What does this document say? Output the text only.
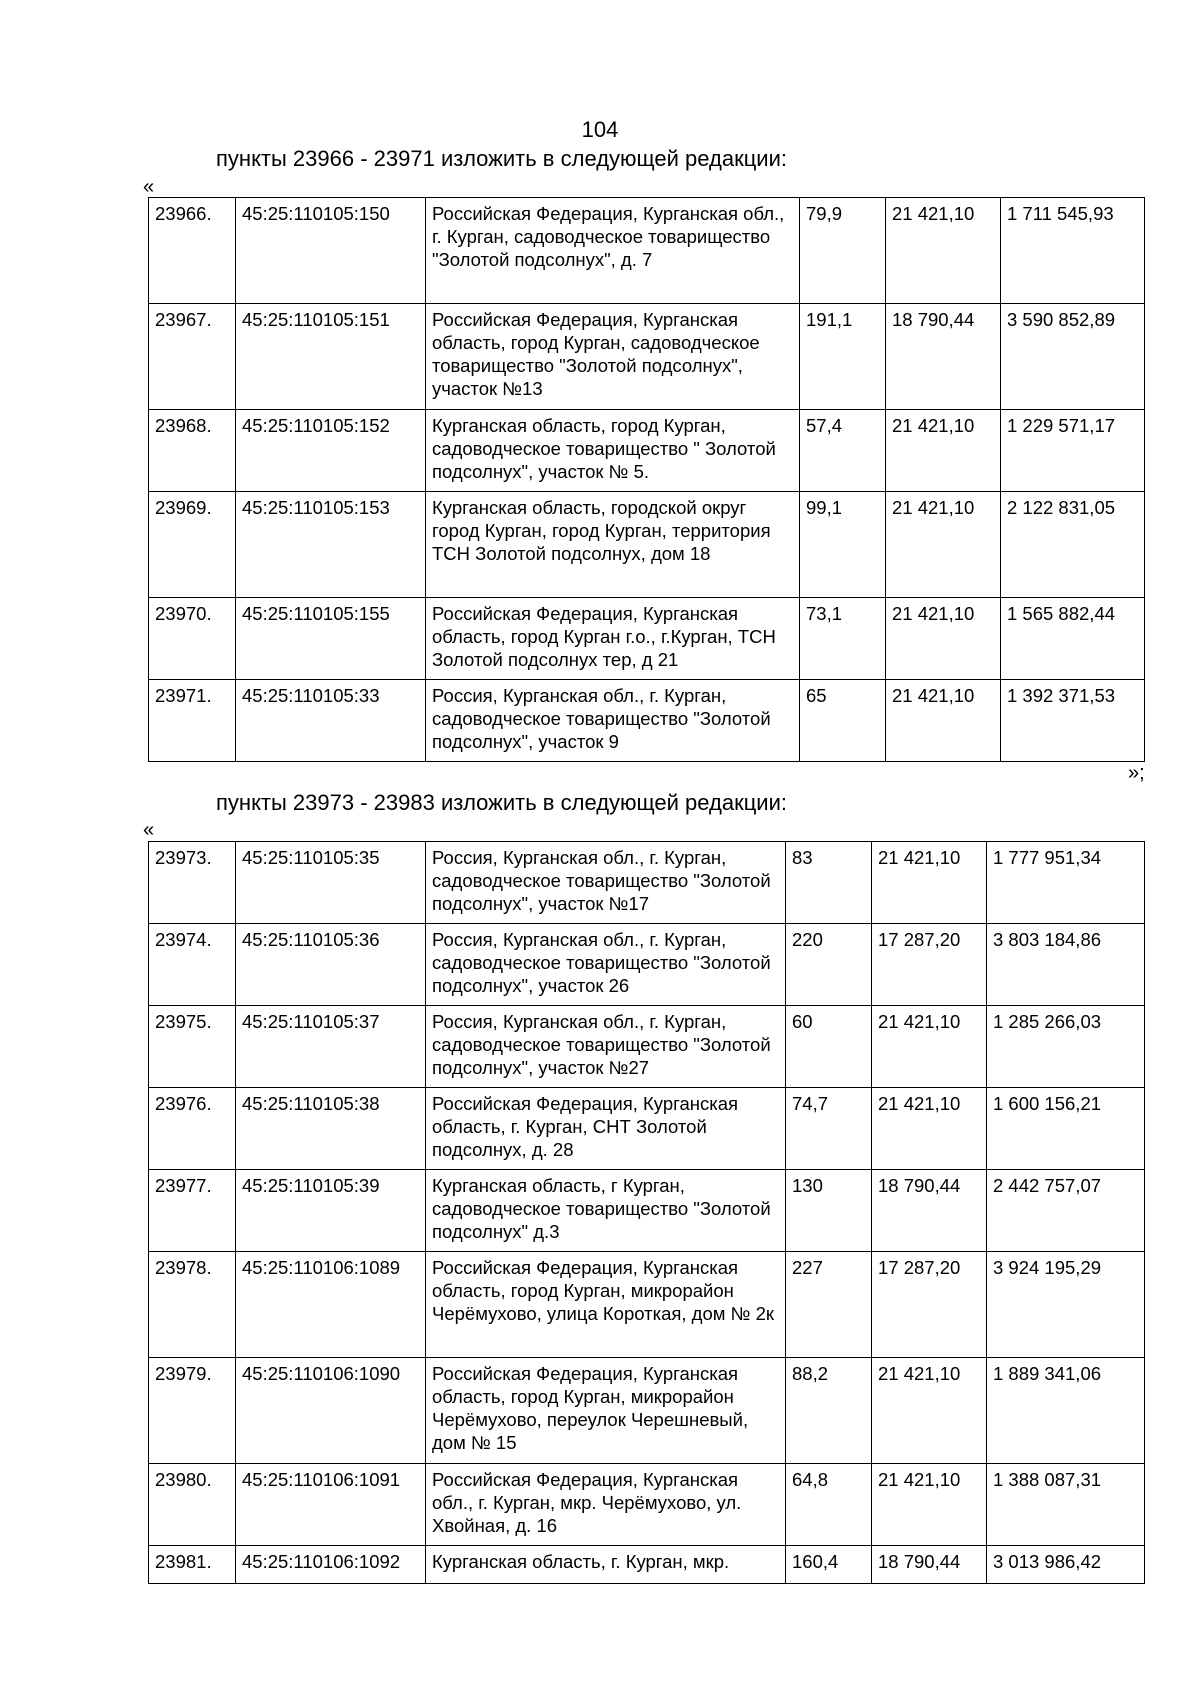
104
пункты 23966 - 23971 изложить в следующей редакции:
«
23966.	45:25:110105:150	Российская Федерация, Курганская обл., г. Курган, садоводческое товарищество "Золотой подсолнух", д. 7	79,9	21 421,10	1 711 545,93
23967.	45:25:110105:151	Российская Федерация, Курганская область, город Курган, садоводческое товарищество "Золотой подсолнух", участок №13	191,1	18 790,44	3 590 852,89
23968.	45:25:110105:152	Курганская область, город Курган, садоводческое товарищество " Золотой подсолнух", участок № 5.	57,4	21 421,10	1 229 571,17
23969.	45:25:110105:153	Курганская область, городской округ город Курган, город Курган, территория ТСН Золотой подсолнух, дом 18	99,1	21 421,10	2 122 831,05
23970.	45:25:110105:155	Российская Федерация, Курганская область, город Курган г.о., г.Курган, ТСН Золотой подсолнух тер, д 21	73,1	21 421,10	1 565 882,44
23971.	45:25:110105:33	Россия, Курганская обл., г. Курган, садоводческое товарищество "Золотой подсолнух", участок 9	65	21 421,10	1 392 371,53
»;
пункты 23973 - 23983 изложить в следующей редакции:
«
23973.	45:25:110105:35	Россия, Курганская обл., г. Курган, садоводческое товарищество "Золотой подсолнух", участок №17	83	21 421,10	1 777 951,34
23974.	45:25:110105:36	Россия, Курганская обл., г. Курган, садоводческое товарищество "Золотой подсолнух", участок 26	220	17 287,20	3 803 184,86
23975.	45:25:110105:37	Россия, Курганская обл., г. Курган, садоводческое товарищество "Золотой подсолнух", участок №27	60	21 421,10	1 285 266,03
23976.	45:25:110105:38	Российская Федерация, Курганская область, г. Курган, СНТ Золотой подсолнух, д. 28	74,7	21 421,10	1 600 156,21
23977.	45:25:110105:39	Курганская область, г Курган, садоводческое товарищество "Золотой подсолнух" д.3	130	18 790,44	2 442 757,07
23978.	45:25:110106:1089	Российская Федерация, Курганская область, город Курган, микрорайон Черёмухово, улица Короткая, дом № 2к	227	17 287,20	3 924 195,29
23979.	45:25:110106:1090	Российская Федерация, Курганская область, город Курган, микрорайон Черёмухово, переулок Черешневый, дом № 15	88,2	21 421,10	1 889 341,06
23980.	45:25:110106:1091	Российская Федерация, Курганская обл., г. Курган, мкр. Черёмухово, ул. Хвойная, д. 16	64,8	21 421,10	1 388 087,31
23981.	45:25:110106:1092	Курганская область, г. Курган, мкр.	160,4	18 790,44	3 013 986,42
